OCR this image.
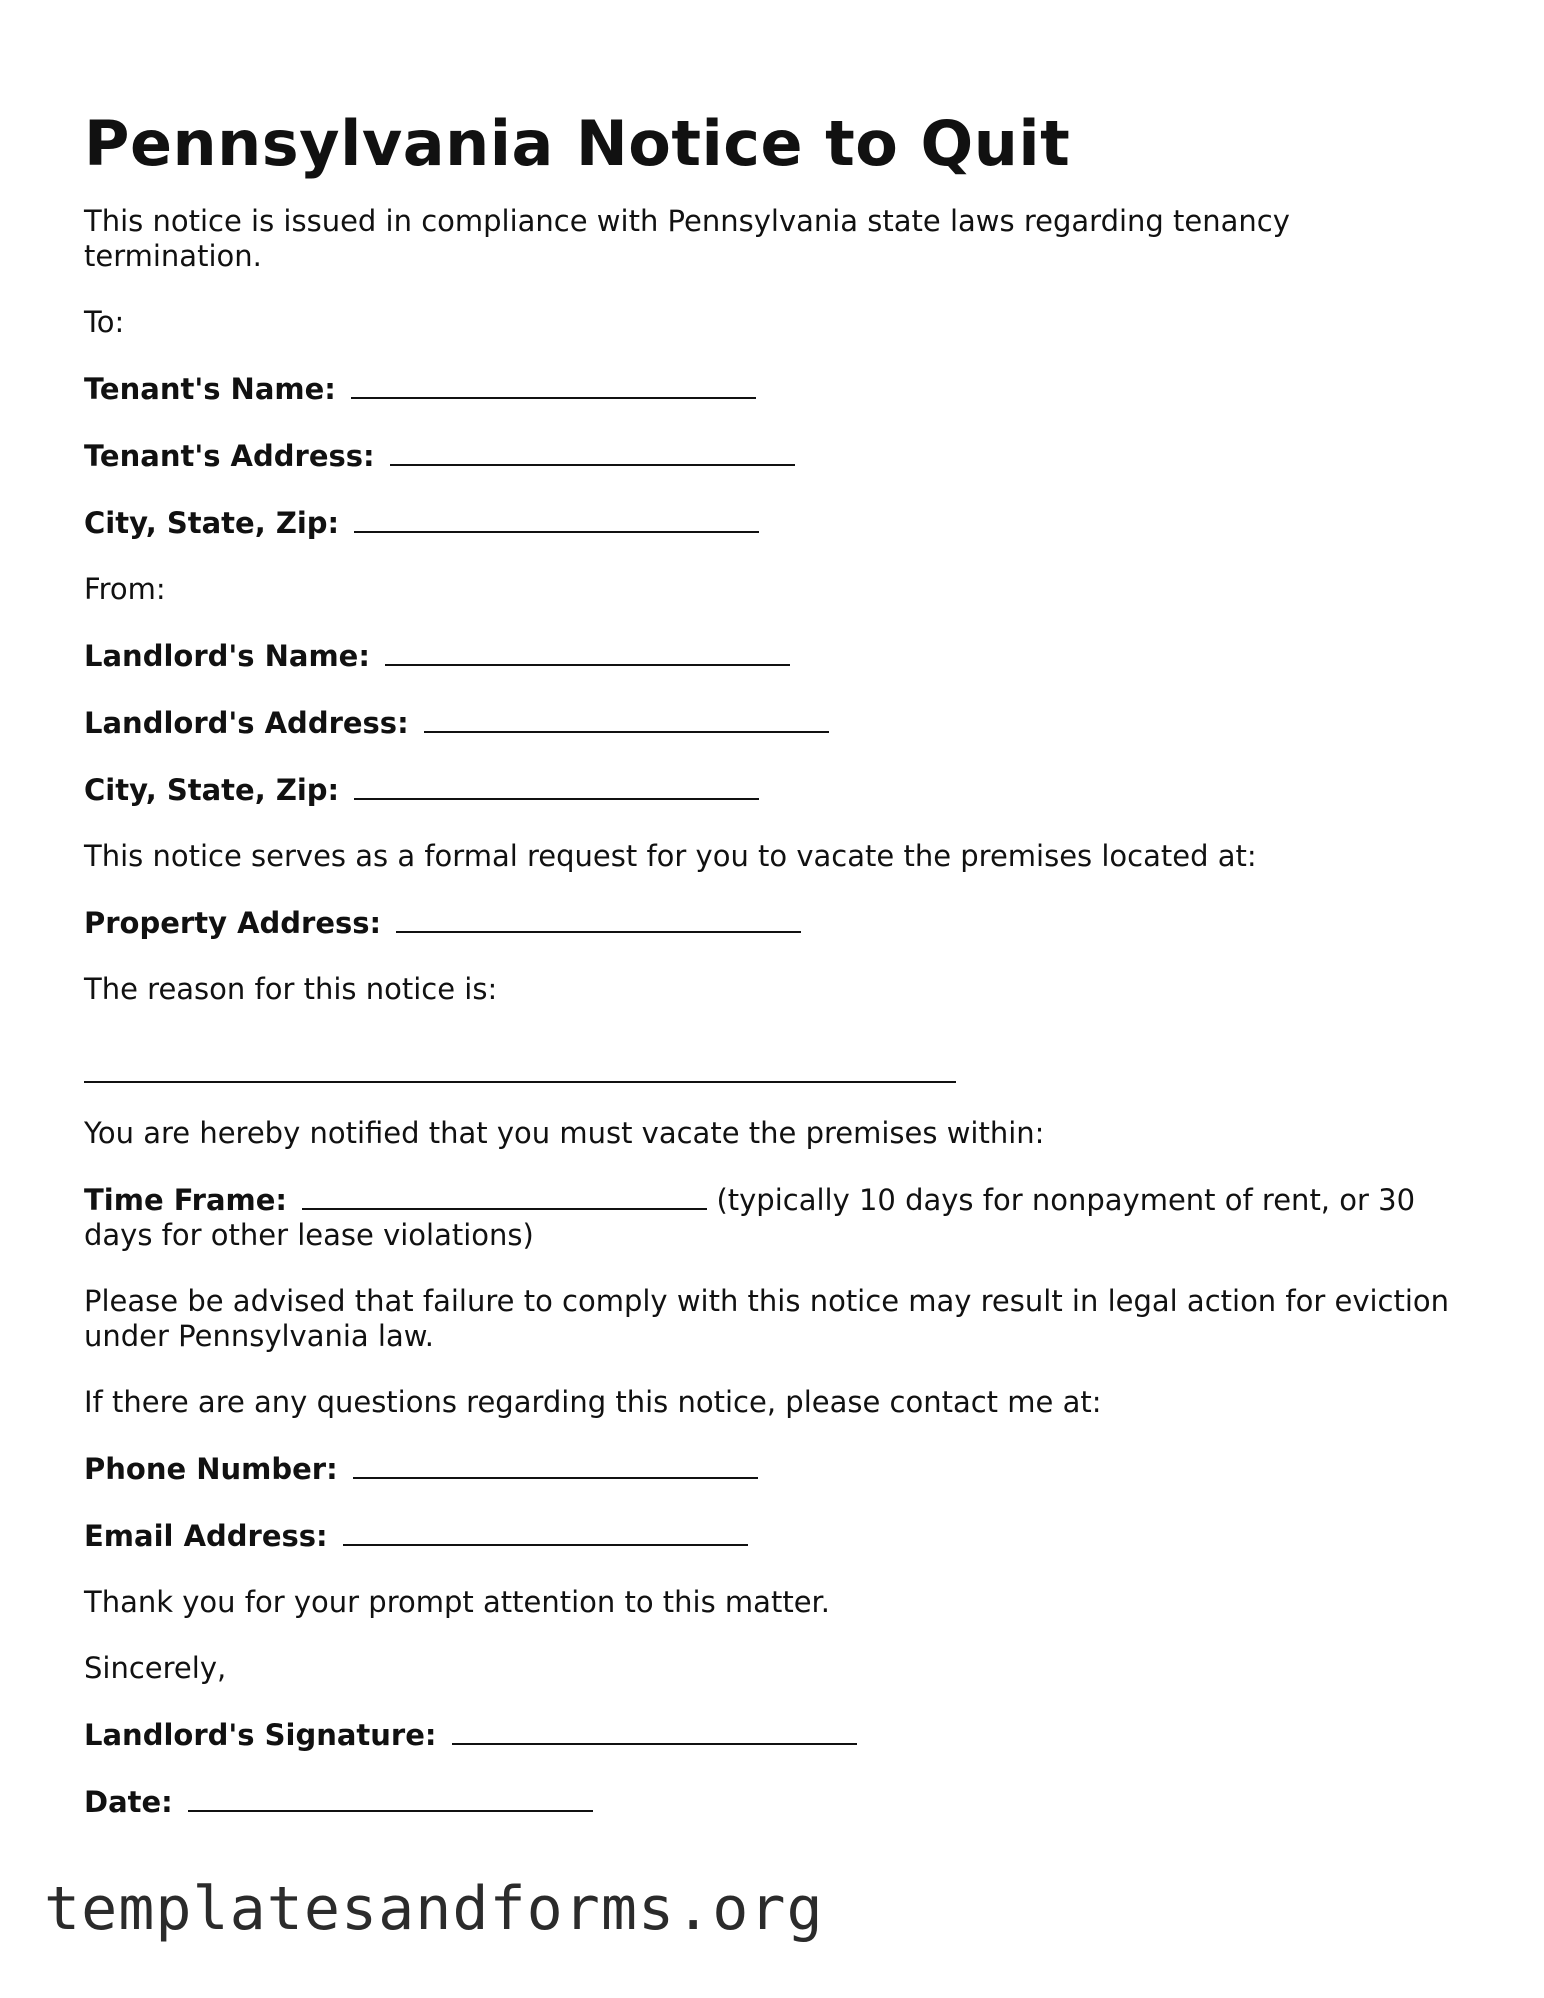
Pennsylvania Notice to Quit

This notice is issued in compliance with Pennsylvania state laws regarding tenancy termination.

To:

Tenant's Name:

Tenant's Address:

City, State, Zip:

From:

Landlord's Name:

Landlord's Address:

City, State, Zip:

This notice serves as a formal request for you to vacate the premises located at:

Property Address:

The reason for this notice is:

You are hereby notified that you must vacate the premises within:

Time Frame:	(typically 10 days for nonpayment of rent, or 30 days for other lease violations)

Please be advised that failure to comply with this notice may result in legal action for eviction under Pennsylvania law.

If there are any questions regarding this notice, please contact me at:

Phone Number:

Email Address:

Thank you for your prompt attention to this matter.

Sincerely,

Landlord's Signature:

Date:

templatesandforms.org
